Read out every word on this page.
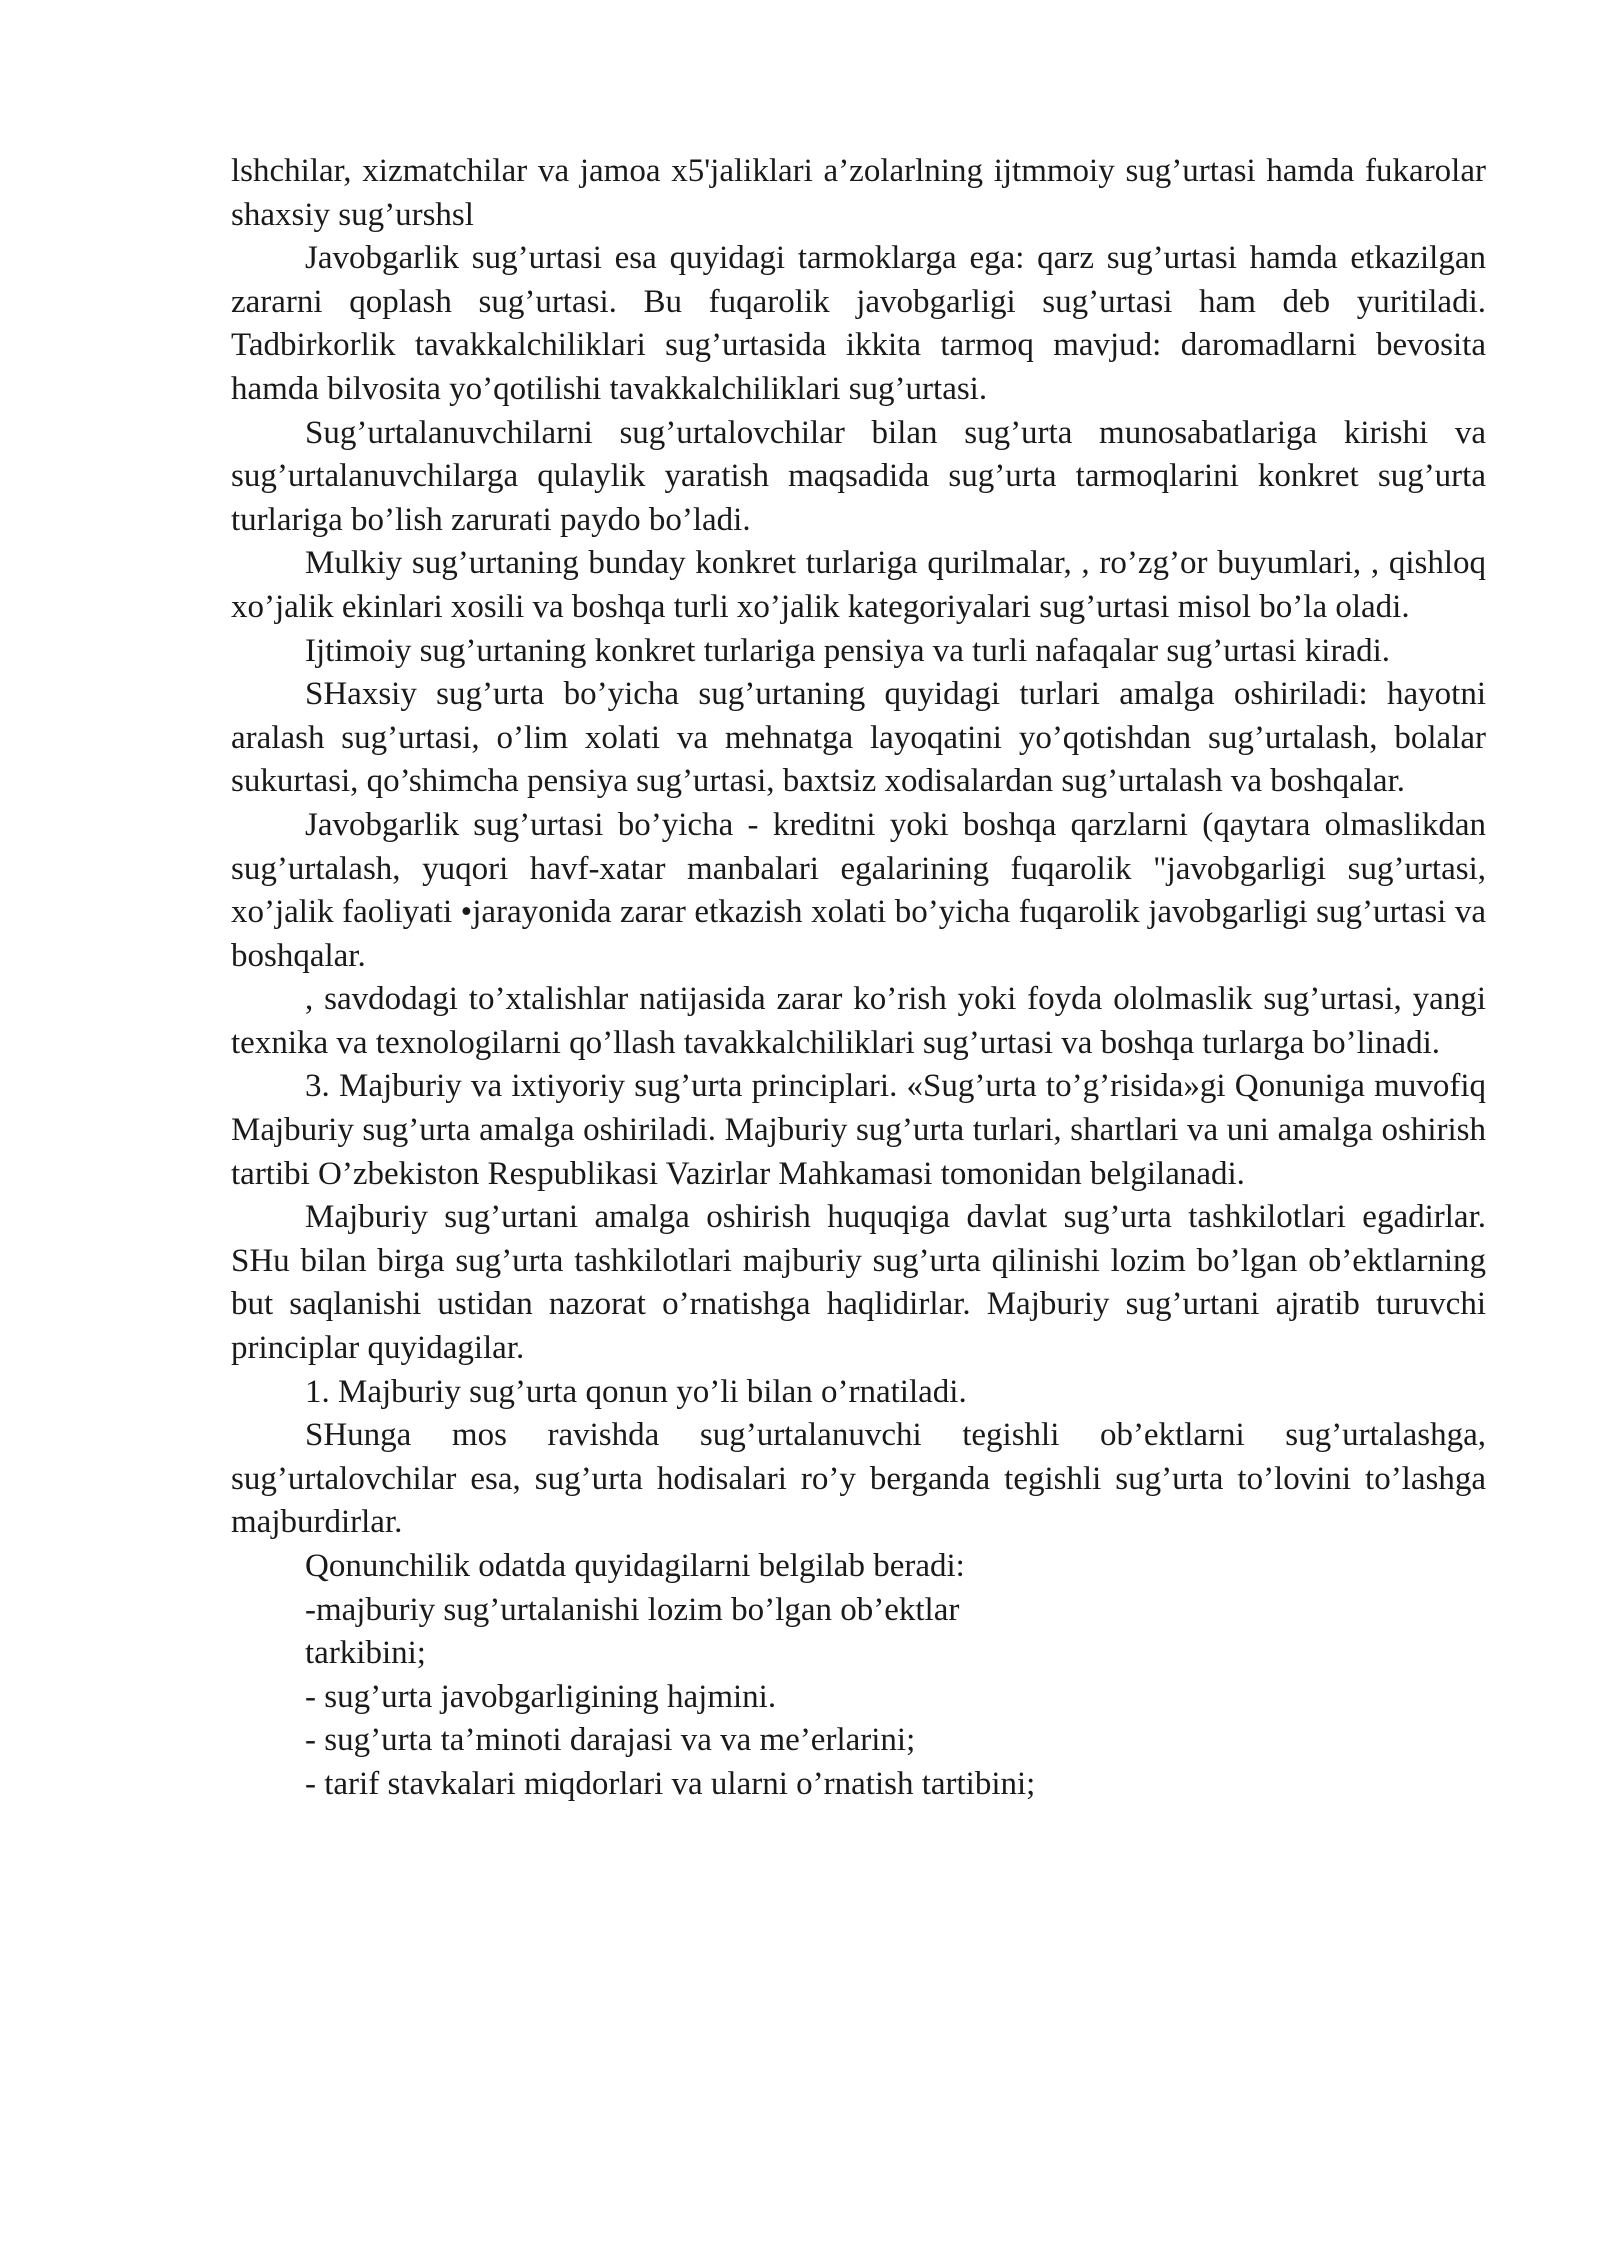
lshchilar, xizmatchilar va jamoa x5'jaliklari a’zolarlning ijtmmoiy sug’urtasi hamda fukarolar shaxsiy sug’urshsl

Javobgarlik sug’urtasi esa quyidagi tarmoklarga ega: qarz sug’urtasi hamda etkazilgan zararni qoplash sug’urtasi. Bu fuqarolik javobgarligi sug’urtasi ham deb yuritiladi. Tadbirkorlik tavakkalchiliklari sug’urtasida ikkita tarmoq mavjud: daromadlarni bevosita hamda bilvosita yo’qotilishi tavakkalchiliklari sug’urtasi.

Sug’urtalanuvchilarni sug’urtalovchilar bilan sug’urta munosabatlariga kirishi va sug’urtalanuvchilarga qulaylik yaratish maqsadida sug’urta tarmoqlarini konkret sug’urta turlariga bo’lish zarurati paydo bo’ladi.

Mulkiy sug’urtaning bunday konkret turlariga qurilmalar, , ro’zg’or buyumlari, , qishloq xo’jalik ekinlari xosili va boshqa turli xo’jalik kategoriyalari sug’urtasi misol bo’la oladi.

Ijtimoiy sug’urtaning konkret turlariga pensiya va turli nafaqalar sug’urtasi kiradi.

SHaxsiy sug’urta bo’yicha sug’urtaning quyidagi turlari amalga oshiriladi: hayotni aralash sug’urtasi, o’lim xolati va mehnatga layoqatini yo’qotishdan sug’urtalash, bolalar sukurtasi, qo’shimcha pensiya sug’urtasi, baxtsiz xodisalardan sug’urtalash va boshqalar.

Javobgarlik sug’urtasi bo’yicha - kreditni yoki boshqa qarzlarni (qaytara olmaslikdan sug’urtalash, yuqori havf-xatar manbalari egalarining fuqarolik "javobgarligi sug’urtasi, xo’jalik faoliyati •jarayonida zarar etkazish xolati bo’yicha fuqarolik javobgarligi sug’urtasi va boshqalar.

, savdodagi to’xtalishlar natijasida zarar ko’rish yoki foyda ololmaslik sug’urtasi, yangi texnika va texnologilarni qo’llash tavakkalchiliklari sug’urtasi va boshqa turlarga bo’linadi.

3. Majburiy va ixtiyoriy sug’urta principlari. «Sug’urta to’g’risida»gi Qonuniga muvofiq Majburiy sug’urta amalga oshiriladi. Majburiy sug’urta turlari, shartlari va uni amalga oshirish tartibi O’zbekiston Respublikasi Vazirlar Mahkamasi tomonidan belgilanadi.

Majburiy sug’urtani amalga oshirish huquqiga davlat sug’urta tashkilotlari egadirlar. SHu bilan birga sug’urta tashkilotlari majburiy sug’urta qilinishi lozim bo’lgan ob’ektlarning but saqlanishi ustidan nazorat o’rnatishga haqlidirlar. Majburiy sug’urtani ajratib turuvchi principlar quyidagilar.

1. Majburiy sug’urta qonun yo’li bilan o’rnatiladi.

SHunga mos ravishda sug’urtalanuvchi tegishli ob’ektlarni sug’urtalashga, sug’urtalovchilar esa, sug’urta hodisalari ro’y berganda tegishli sug’urta to’lovini to’lashga majburdirlar.

Qonunchilik odatda quyidagilarni belgilab beradi:

-majburiy sug’urtalanishi lozim bo’lgan ob’ektlar tarkibini;

- sug’urta javobgarligining hajmini.

- sug’urta ta’minoti darajasi va va me’erlarini;

- tarif stavkalari miqdorlari va ularni o’rnatish tartibini;
